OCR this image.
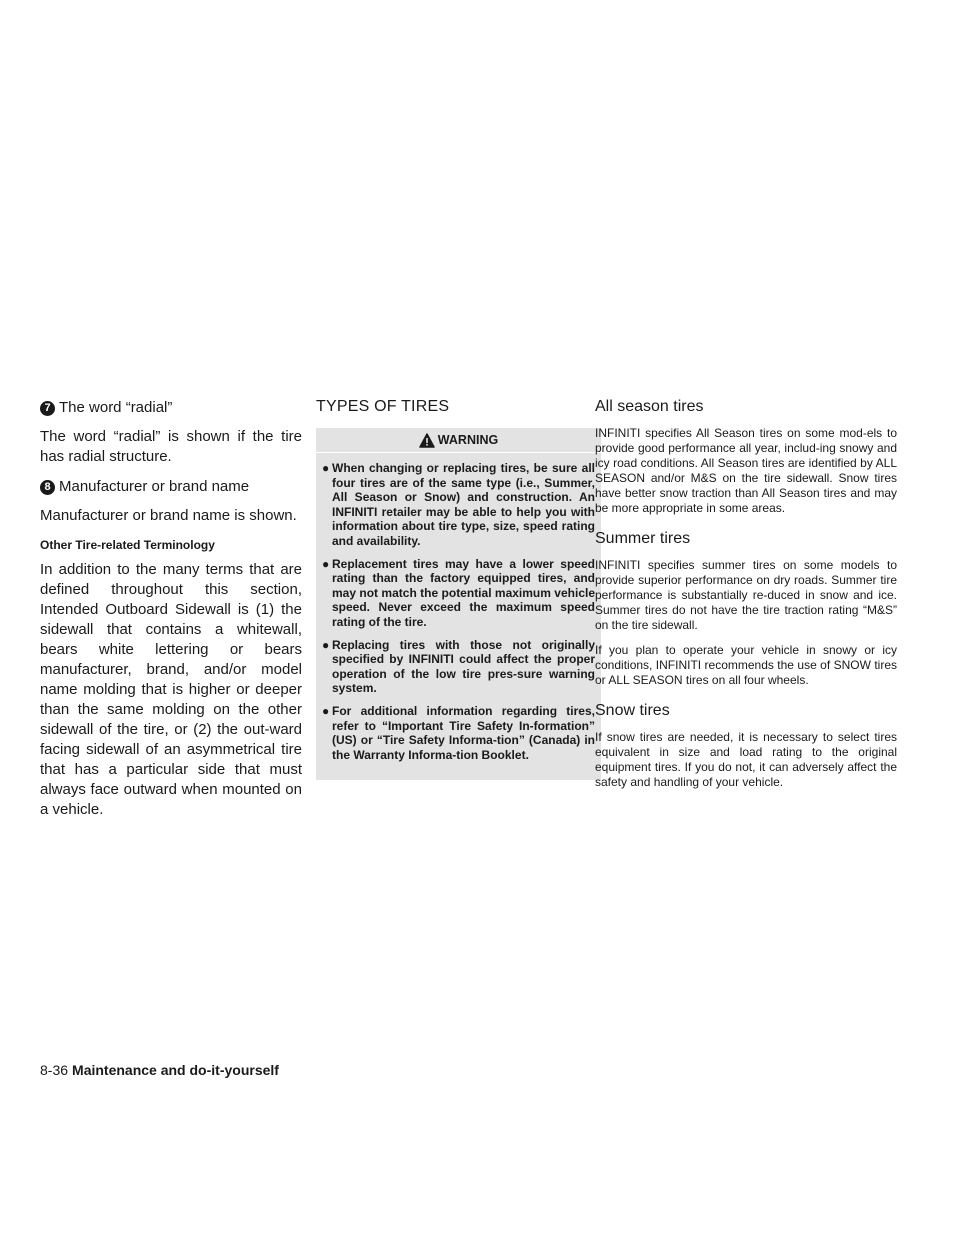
7 The word “radial”

The word “radial” is shown if the tire has radial structure.

8 Manufacturer or brand name

Manufacturer or brand name is shown.

Other Tire-related Terminology

In addition to the many terms that are defined throughout this section, Intended Outboard Sidewall is (1) the sidewall that contains a whitewall, bears white lettering or bears manufacturer, brand, and/or model name molding that is higher or deeper than the same molding on the other sidewall of the tire, or (2) the out-ward facing sidewall of an asymmetrical tire that has a particular side that must always face outward when mounted on a vehicle.

TYPES OF TIRES
WARNING
● When changing or replacing tires, be sure all four tires are of the same type (i.e., Summer, All Season or Snow) and construction. An INFINITI retailer may be able to help you with information about tire type, size, speed rating and availability.
● Replacement tires may have a lower speed rating than the factory equipped tires, and may not match the potential maximum vehicle speed. Never exceed the maximum speed rating of the tire.
● Replacing tires with those not originally specified by INFINITI could affect the proper operation of the low tire pres-sure warning system.
● For additional information regarding tires, refer to “Important Tire Safety In-formation” (US) or “Tire Safety Informa-tion” (Canada) in the Warranty Informa-tion Booklet.
All season tires

INFINITI specifies All Season tires on some mod-els to provide good performance all year, includ-ing snowy and icy road conditions. All Season tires are identified by ALL SEASON and/or M&S on the tire sidewall. Snow tires have better snow traction than All Season tires and may be more appropriate in some areas.

Summer tires

INFINITI specifies summer tires on some models to provide superior performance on dry roads. Summer tire performance is substantially re-duced in snow and ice. Summer tires do not have the tire traction rating “M&S” on the tire sidewall.

If you plan to operate your vehicle in snowy or icy conditions, INFINITI recommends the use of SNOW tires or ALL SEASON tires on all four wheels.

Snow tires

If snow tires are needed, it is necessary to select tires equivalent in size and load rating to the original equipment tires. If you do not, it can adversely affect the safety and handling of your vehicle.

8-36 Maintenance and do-it-yourself
